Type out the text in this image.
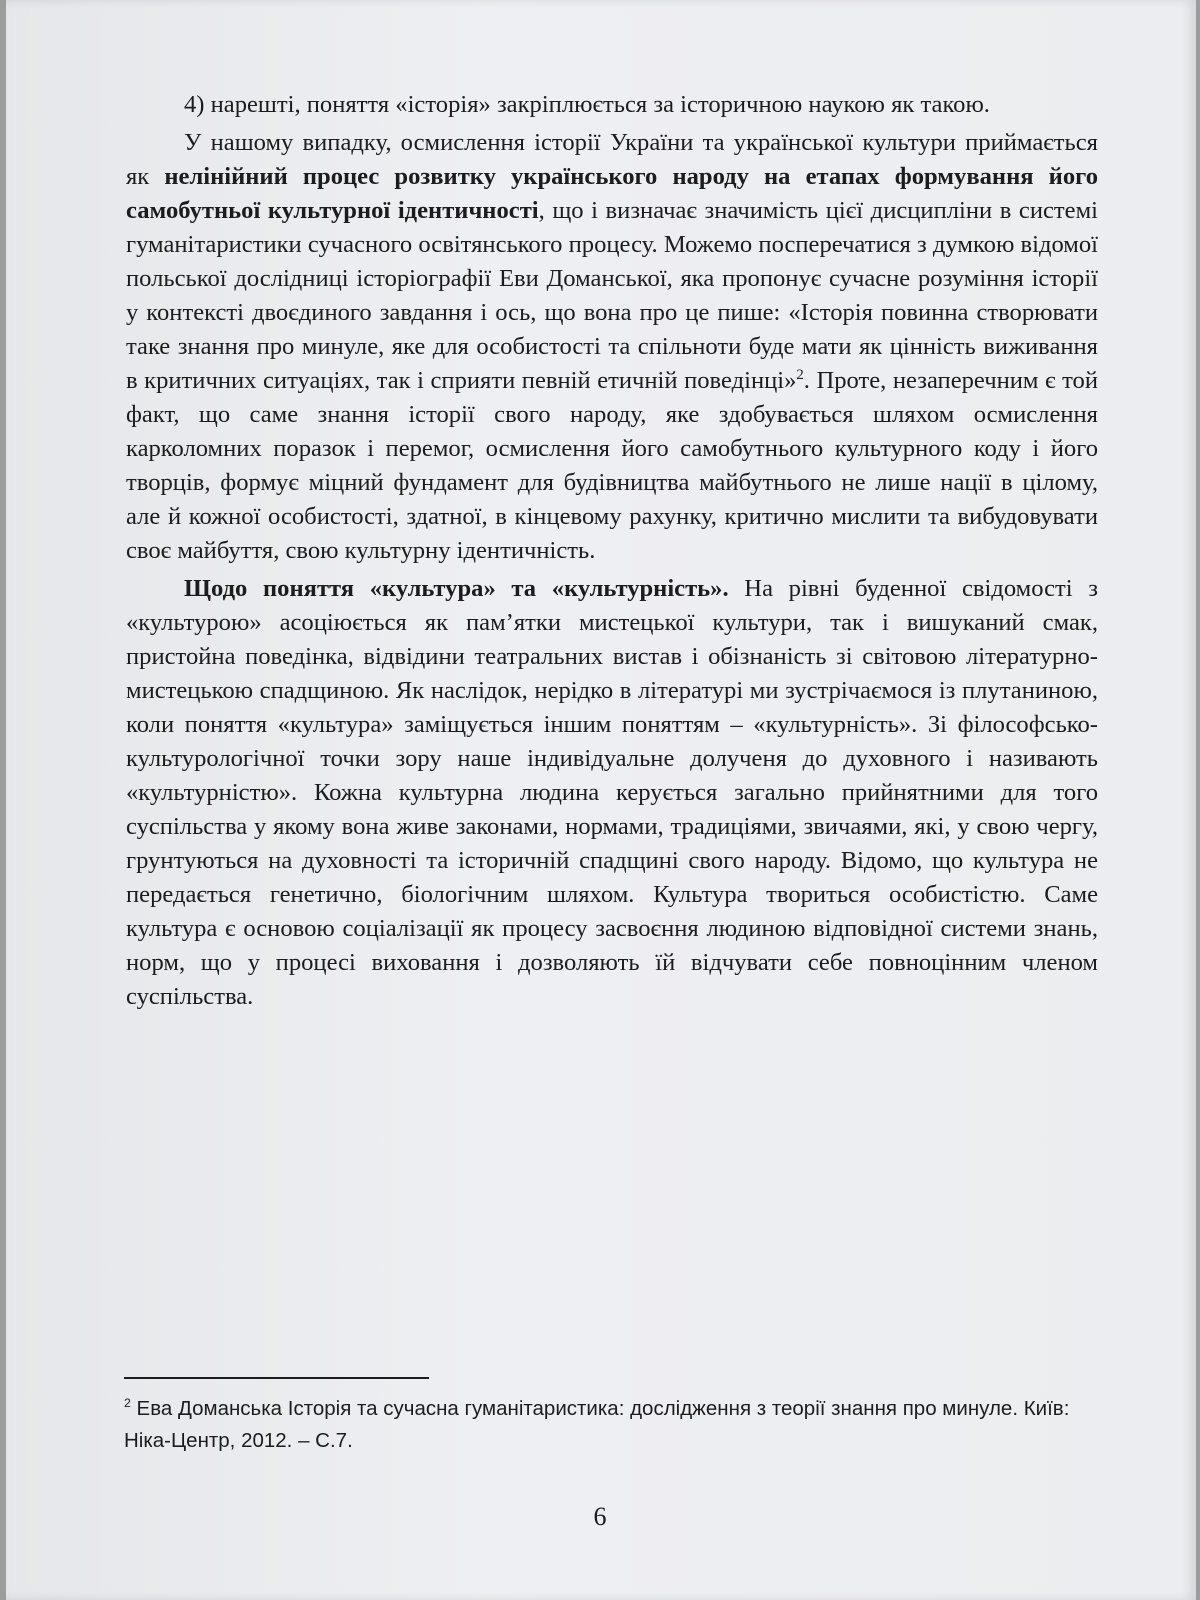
4) нарешті, поняття «історія» закріплюється за історичною наукою як такою.

У нашому випадку, осмислення історії України та української культури приймається як нелінійний процес розвитку українського народу на етапах формування його самобутньої культурної ідентичності, що і визначає значимість цієї дисципліни в системі гуманітаристики сучасного освітянського процесу. Можемо посперечатися з думкою відомої польської дослідниці історіографії Еви Доманської, яка пропонує сучасне розуміння історії у контексті двоєдиного завдання і ось, що вона про це пише: «Історія повинна створювати таке знання про минуле, яке для особистості та спільноти буде мати як цінність виживання в критичних ситуаціях, так і сприяти певній етичній поведінці»$^2$. Проте, незаперечним є той факт, що саме знання історії свого народу, яке здобувається шляхом осмислення карколомних поразок і перемог, осмислення його самобутнього культурного коду і його творців, формує міцний фундамент для будівництва майбутнього не лише нації в цілому, але й кожної особистості, здатної, в кінцевому рахунку, критично мислити та вибудовувати своє майбуття, свою культурну ідентичність.

Щодо поняття «культура» та «культурність». На рівні буденної свідомості з «культурою» асоціюється як пам’ятки мистецької культури, так і вишуканий смак, пристойна поведінка, відвідини театральних вистав і обізнаність зі світовою літературно-мистецькою спадщиною. Як наслідок, нерідко в літературі ми зустрічаємося із плутаниною, коли поняття «культура» заміщується іншим поняттям – «культурність». Зі філософсько-культурологічної точки зору наше індивідуальне долученя до духовного і називають «культурністю». Кожна культурна людина керується загально прийнятними для того суспільства у якому вона живе законами, нормами, традиціями, звичаями, які, у свою чергу, грунтуються на духовності та історичній спадщині свого народу. Відомо, що культура не передається генетично, біологічним шляхом. Культура твориться особистістю. Саме культура є основою соціалізації як процесу засвоєння людиною відповідної системи знань, норм, що у процесі виховання і дозволяють їй відчувати себе повноцінним членом суспільства.

$^2$ Ева Доманська Історія та сучасна гуманітаристика: дослідження з теорії знання про минуле. Київ: Ніка-Центр, 2012. – С.7.
6
